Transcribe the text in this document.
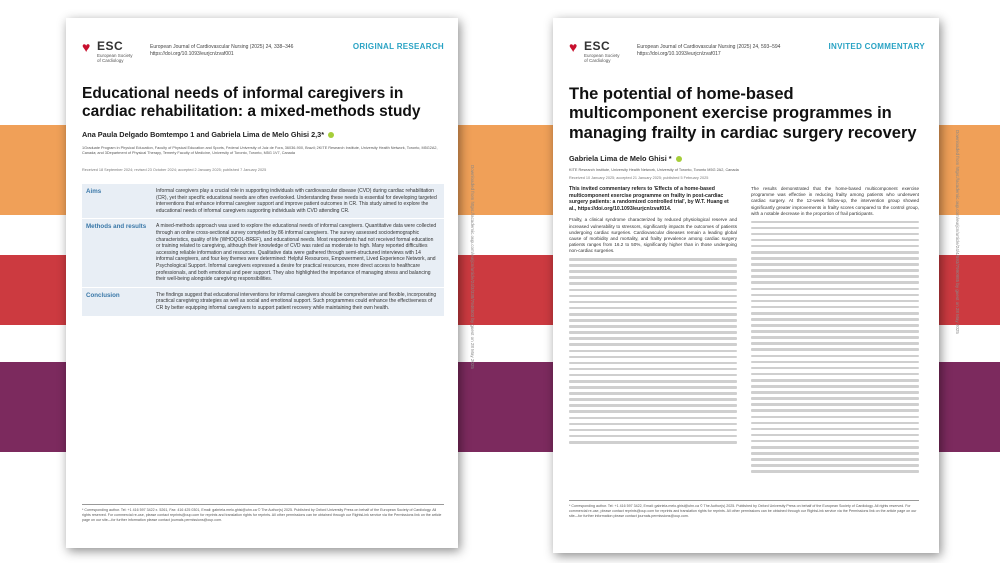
♥ ESC
European Society of Cardiology
European Journal of Cardiovascular Nursing (2025) 24, 338–346
https://doi.org/10.1093/eurjcn/zvaf001
ORIGINAL RESEARCH
Educational needs of informal caregivers in cardiac rehabilitation: a mixed-methods study
Ana Paula Delgado Bomtempo 1 and Gabriela Lima de Melo Ghisi 2,3*
1Graduate Program in Physical Education, Faculty of Physical Education and Sports, Federal University of Juiz de Fora, 36036-900, Brazil; 2KITE Research Institute, University Health Network, Toronto, M5G2A2, Canada; and 3Department of Physical Therapy, Temerty Faculty of Medicine, University of Toronto, Toronto, M5G 1V7, Canada
Received 18 September 2024; revised 23 October 2024; accepted 2 January 2025; published 7 January 2025
Aims	Informal caregivers play a crucial role in supporting individuals with cardiovascular disease (CVD) during cardiac rehabilitation (CR), yet their specific educational needs are often overlooked. Understanding these needs is essential for developing targeted interventions that enhance informal caregiver support and improve patient outcomes in CR. This study aimed to explore the educational needs of informal caregivers supporting individuals with CVD attending CR.
Methods and results	A mixed-methods approach was used to explore the educational needs of informal caregivers. Quantitative data were collected through an online cross-sectional survey completed by 86 informal caregivers. The survey assessed sociodemographic characteristics, quality of life (WHOQOL-BREF), and educational needs. Most respondents had not received formal education or training related to caregiving, although their knowledge of CVD was rated as moderate to high. Many reported difficulties accessing reliable information and resources. Qualitative data were gathered through semi-structured interviews with 14 informal caregivers, and four key themes were determined: Helpful Resources, Empowerment, Lived Experience Network, and Psychological Support. Informal caregivers expressed a desire for practical resources, more direct access to healthcare professionals, and both emotional and peer support. They also highlighted the importance of managing stress and balancing their well-being alongside caregiving responsibilities.
Conclusion	The findings suggest that educational interventions for informal caregivers should be comprehensive and flexible, incorporating practical caregiving strategies as well as social and emotional support. Such programmes could enhance the effectiveness of CR by better equipping informal caregivers to support patient recovery while maintaining their own health.
* Corresponding author. Tel: +1 416 597 3422 x. 5261, Fax: 416 425 0301, Email: gabriela.melo.ghisi@uhn.ca © The Author(s) 2025. Published by Oxford University Press on behalf of the European Society of Cardiology. All rights reserved. For commercial re-use, please contact reprints@oup.com for reprints and translation rights for reprints. All other permissions can be obtained through our RightsLink service via the Permissions link on the article page on our site—for further information please contact journals.permissions@oup.com.
Downloaded from https://academic.oup.com/eurjcn/article/24/3/338/7946503 by guest on 28 May 2025
♥ ESC
European Society of Cardiology
European Journal of Cardiovascular Nursing (2025) 24, 593–594
https://doi.org/10.1093/eurjcn/zvaf017
INVITED COMMENTARY
The potential of home-based multicomponent exercise programmes in managing frailty in cardiac surgery recovery
Gabriela Lima de Melo Ghisi *
KITE Research Institute, University Health Network, University of Toronto, Toronto M5G 2A2, Canada
Received 10 January 2025; accepted 21 January 2025; published 5 February 2025
This invited commentary refers to 'Effects of a home-based multicomponent exercise programme on frailty in post-cardiac surgery patients: a randomized controlled trial', by W.T. Huang et al., https://doi.org/10.1093/eurjcn/zvaf014.

Frailty, a clinical syndrome characterized by reduced physiological reserve and increased vulnerability to stressors, significantly impacts the outcomes of patients undergoing cardiac surgeries. Cardiovascular diseases remain a leading global cause of morbidity and mortality, and frailty prevalence among cardiac surgery patients ranges from 16.2 to 50%, significantly higher than in those undergoing non-cardiac surgeries.

The results demonstrated that the home-based multicomponent exercise programme was effective in reducing frailty among patients who underwent cardiac surgery. At the 12-week follow-up, the intervention group showed significantly greater improvements in frailty scores compared to the control group, with a notable decrease in the proportion of frail participants.

* Corresponding author. Tel: +1 416 597 3422, Email: gabriela.melo.ghisi@uhn.ca © The Author(s) 2025. Published by Oxford University Press on behalf of the European Society of Cardiology. All rights reserved. For commercial re-use, please contact reprints@oup.com for reprints and translation rights for reprints. All other permissions can be obtained through our RightsLink service via the Permissions link on the article page on our site—for further information please contact journals.permissions@oup.com.
Downloaded from https://academic.oup.com/eurjcn/article/24/4/593/7990985 by guest on 28 May 2025
